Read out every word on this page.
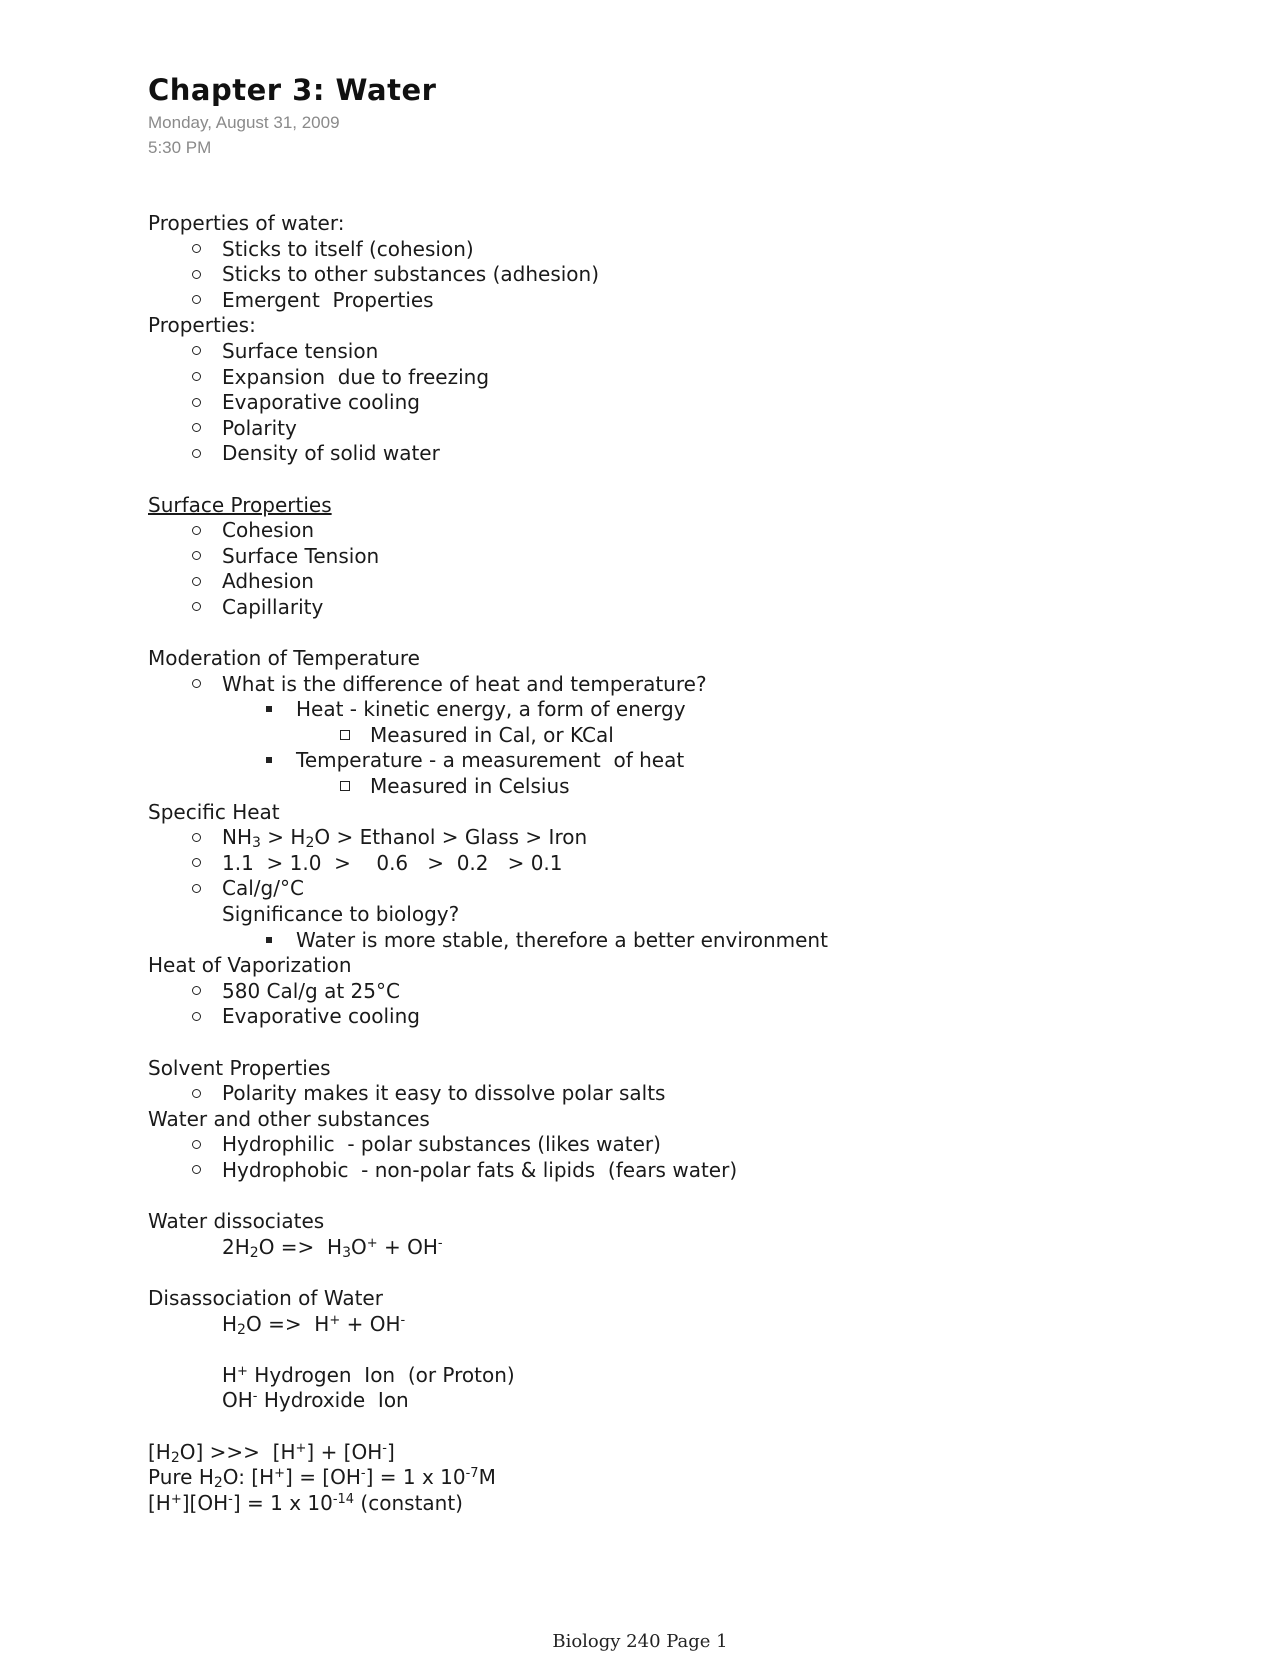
Chapter 3: Water
Monday, August 31, 2009
5:30 PM
Properties of water:
Sticks to itself (cohesion)
Sticks to other substances (adhesion)
Emergent  Properties
Properties:
Surface tension
Expansion  due to freezing
Evaporative cooling
Polarity
Density of solid water
Surface Properties
Cohesion
Surface Tension
Adhesion
Capillarity
Moderation of Temperature
What is the difference of heat and temperature?
Heat - kinetic energy, a form of energy
Measured in Cal, or KCal
Temperature - a measurement  of heat
Measured in Celsius
Specific Heat
$NH_3 > H_2O$ > Ethanol > Glass > Iron
1.1  > 1.0  >    0.6   >  0.2   > 0.1
Cal/g/°C
Significance to biology?
Water is more stable, therefore a better environment
Heat of Vaporization
580 Cal/g at 25°C
Evaporative cooling
Solvent Properties
Polarity makes it easy to dissolve polar salts
Water and other substances
Hydrophilic  - polar substances (likes water)
Hydrophobic  - non-polar fats & lipids  (fears water)
Water dissociates
$2H_2O => H_3O^+ + OH^-$
Disassociation of Water
$H_2O => H^+ + OH^-$
H+ Hydrogen  Ion  (or Proton)
OH- Hydroxide  Ion
$[H_2O]$ >>>  [H+] + [OH-]
Pure $H_2O$: [H+] = [OH-] = 1 x $10^{-7}M$
[H+][OH-] = 1 x $10^{-14}$ (constant)
Biology 240 Page 1
